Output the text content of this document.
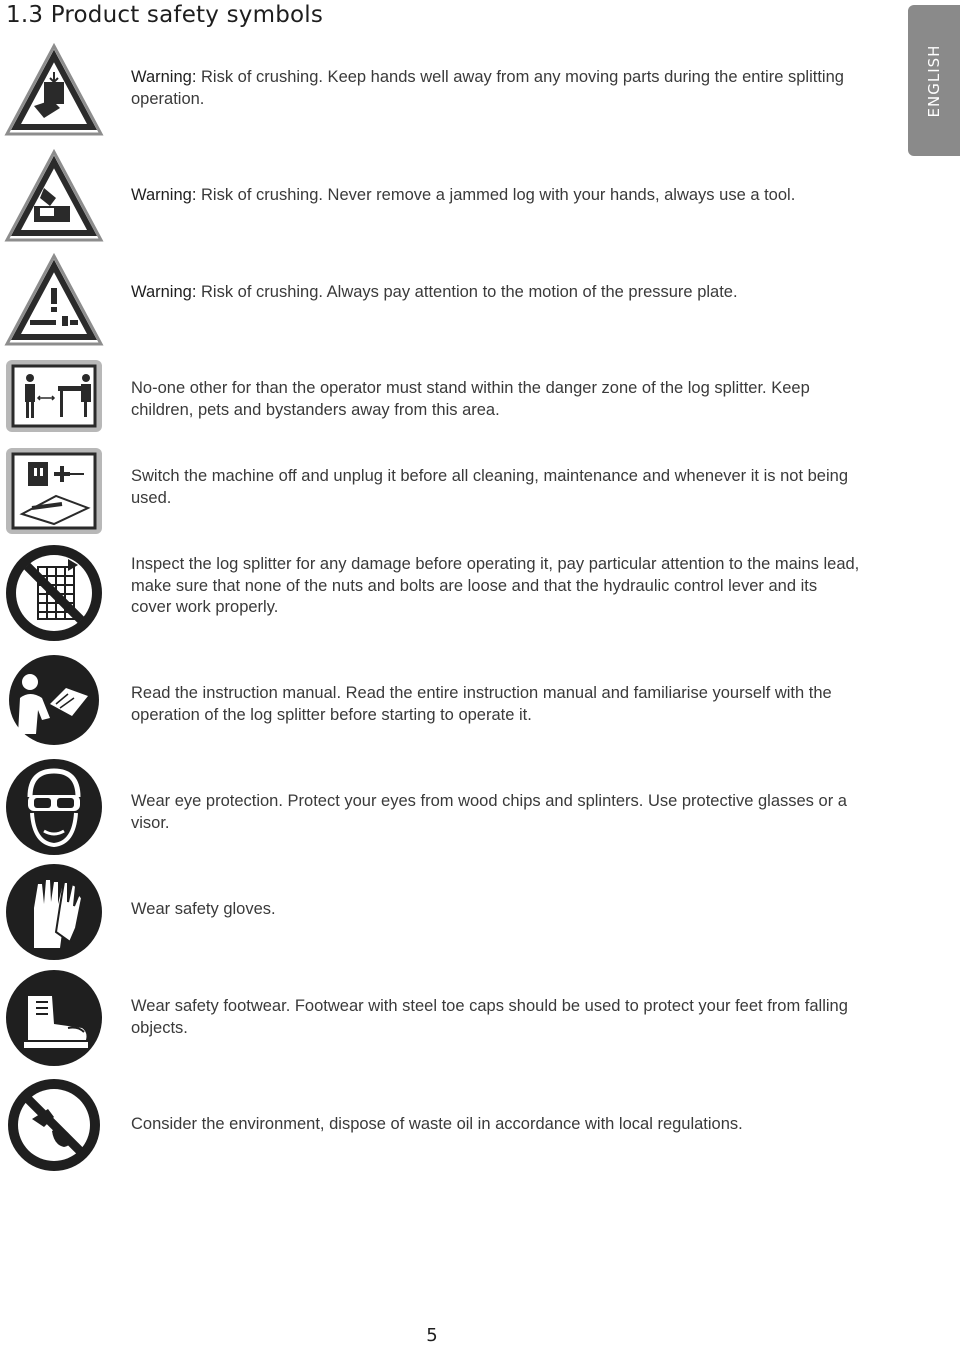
1.3 Product safety symbols
ENGLISH
Warning: Risk of crushing. Keep hands well away from any moving parts during the entire splitting operation.
Warning: Risk of crushing. Never remove a jammed log with your hands, always use a tool.
Warning: Risk of crushing. Always pay attention to the motion of the pressure plate.
No-one other for than the operator must stand within the danger zone of the log splitter. Keep children, pets and bystanders away from this area.
Switch the machine off and unplug it before all cleaning, maintenance and whenever it is not being used.
Inspect the log splitter for any damage before operating it, pay particular attention to the mains lead, make sure that none of the nuts and bolts are loose and that the hydraulic control lever and its cover work properly.
Read the instruction manual. Read the entire instruction manual and familiarise yourself with the operation of the log splitter before starting to operate it.
Wear eye protection. Protect your eyes from wood chips and splinters. Use protective glasses or a visor.
Wear safety gloves.
Wear safety footwear. Footwear with steel toe caps should be used to protect your feet from falling objects.
Consider the environment, dispose of waste oil in accordance with local regulations.
5
